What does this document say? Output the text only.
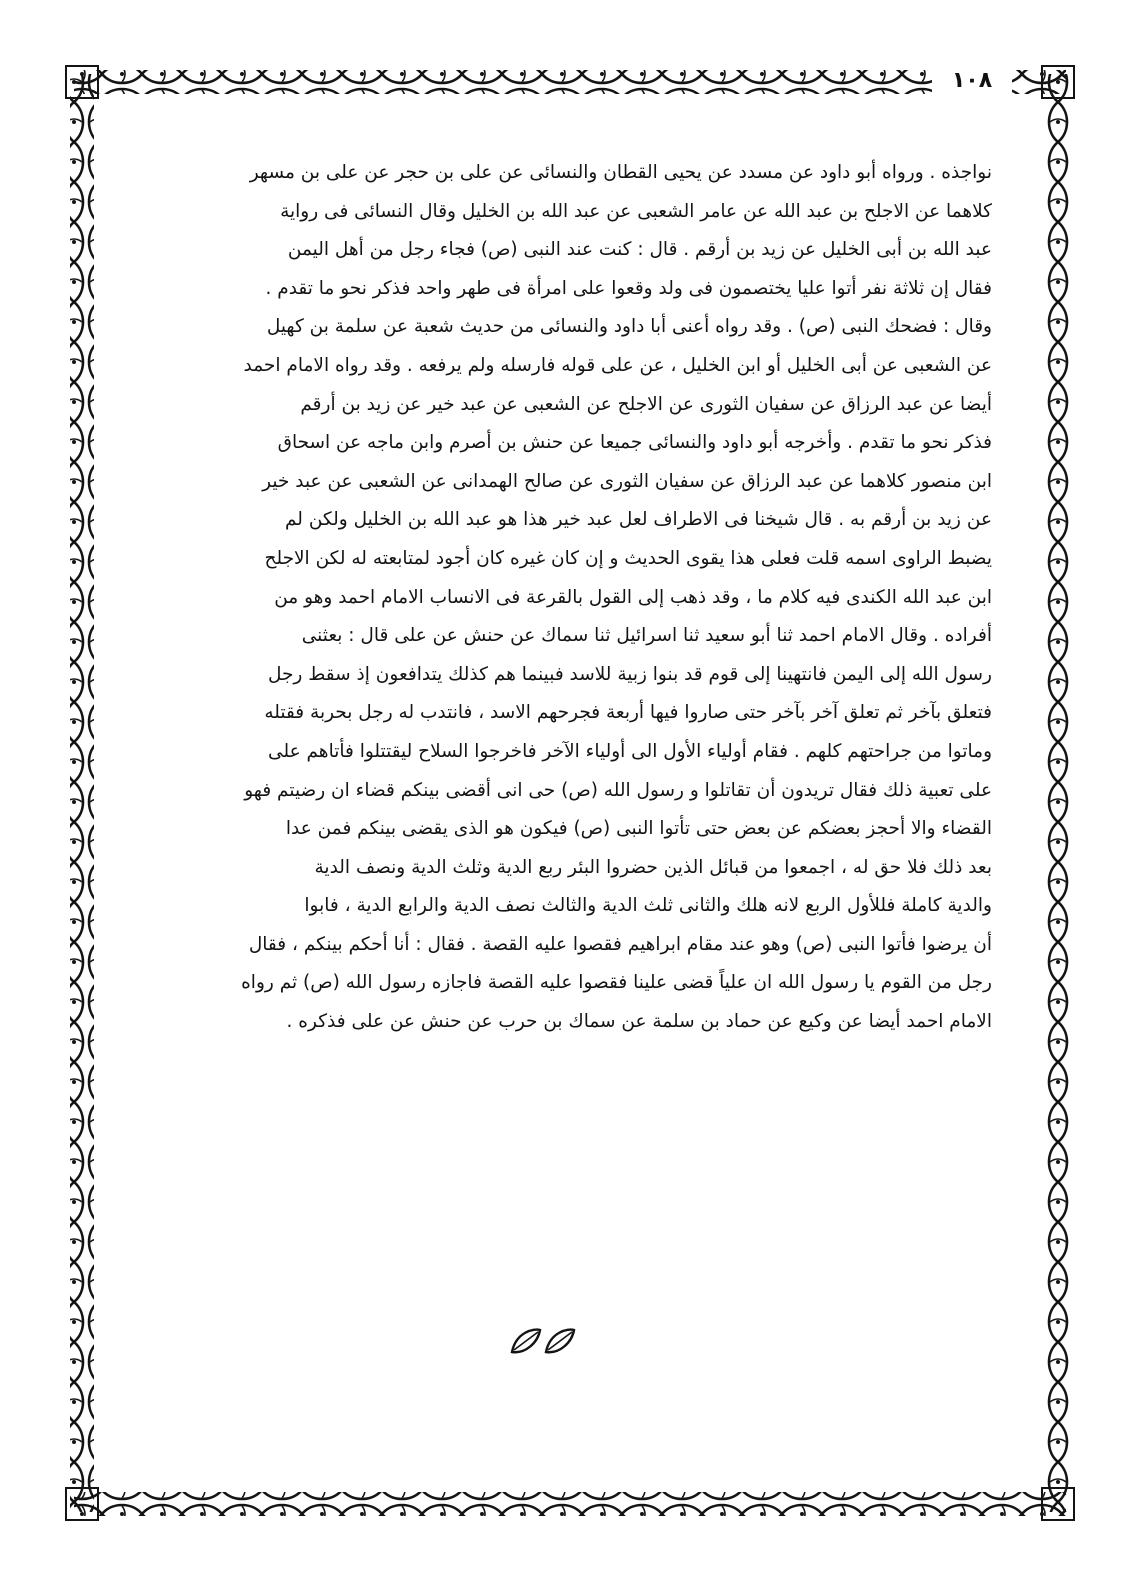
١٠٨
نواجذه . ورواه أبو داود عن مسدد عن يحيى القطان والنسائى عن على بن حجر عن على بن مسهر
كلاهما عن الاجلح بن عبد الله عن عامر الشعبى عن عبد الله بن الخليل وقال النسائى فى رواية
عبد الله بن أبى الخليل عن زيد بن أرقم . قال : كنت عند النبى (ص) فجاء رجل من أهل اليمن
فقال إن ثلاثة نفر أتوا عليا يختصمون فى ولد وقعوا على امرأة فى طهر واحد فذكر نحو ما تقدم .
وقال : فضحك النبى (ص) . وقد رواه أعنى أبا داود والنسائى من حديث شعبة عن سلمة بن كهيل
عن الشعبى عن أبى الخليل أو ابن الخليل ، عن على قوله فارسله ولم يرفعه . وقد رواه الامام احمد
أيضا عن عبد الرزاق عن سفيان الثورى عن الاجلح عن الشعبى عن عبد خير عن زيد بن أرقم
فذكر نحو ما تقدم . وأخرجه أبو داود والنسائى جميعا عن حنش بن أصرم وابن ماجه عن اسحاق
ابن منصور كلاهما عن عبد الرزاق عن سفيان الثورى عن صالح الهمدانى عن الشعبى عن عبد خير
عن زيد بن أرقم به . قال شيخنا فى الاطراف لعل عبد خير هذا هو عبد الله بن الخليل ولكن لم
يضبط الراوى اسمه قلت فعلى هذا يقوى الحديث و إن كان غيره كان أجود لمتابعته له لكن الاجلح
ابن عبد الله الكندى فيه كلام ما ، وقد ذهب إلى القول بالقرعة فى الانساب الامام احمد وهو من
أفراده . وقال الامام احمد ثنا أبو سعيد ثنا اسرائيل ثنا سماك عن حنش عن على قال : بعثنى
رسول الله إلى اليمن فانتهينا إلى قوم قد بنوا زبية للاسد فبينما هم كذلك يتدافعون إذ سقط رجل
فتعلق بآخر ثم تعلق آخر بآخر حتى صاروا فيها أربعة فجرحهم الاسد ، فانتدب له رجل بحربة فقتله
وماتوا من جراحتهم كلهم . فقام أولياء الأول الى أولياء الآخر فاخرجوا السلاح ليقتتلوا فأتاهم على
على تعبية ذلك فقال تريدون أن تقاتلوا و رسول الله (ص) حى انى أقضى بينكم قضاء ان رضيتم فهو
القضاء والا أحجز بعضكم عن بعض حتى تأتوا النبى (ص) فيكون هو الذى يقضى بينكم فمن عدا
بعد ذلك فلا حق له ، اجمعوا من قبائل الذين حضروا البئر ربع الدية وثلث الدية ونصف الدية
والدية كاملة فللأول الربع لانه هلك والثانى ثلث الدية والثالث نصف الدية والرابع الدية ، فابوا
أن يرضوا فأتوا النبى (ص) وهو عند مقام ابراهيم فقصوا عليه القصة . فقال : أنا أحكم بينكم ، فقال
رجل من القوم يا رسول الله ان علياً قضى علينا فقصوا عليه القصة فاجازه رسول الله (ص) ثم رواه
الامام احمد أيضا عن وكيع عن حماد بن سلمة عن سماك بن حرب عن حنش عن على فذكره .
